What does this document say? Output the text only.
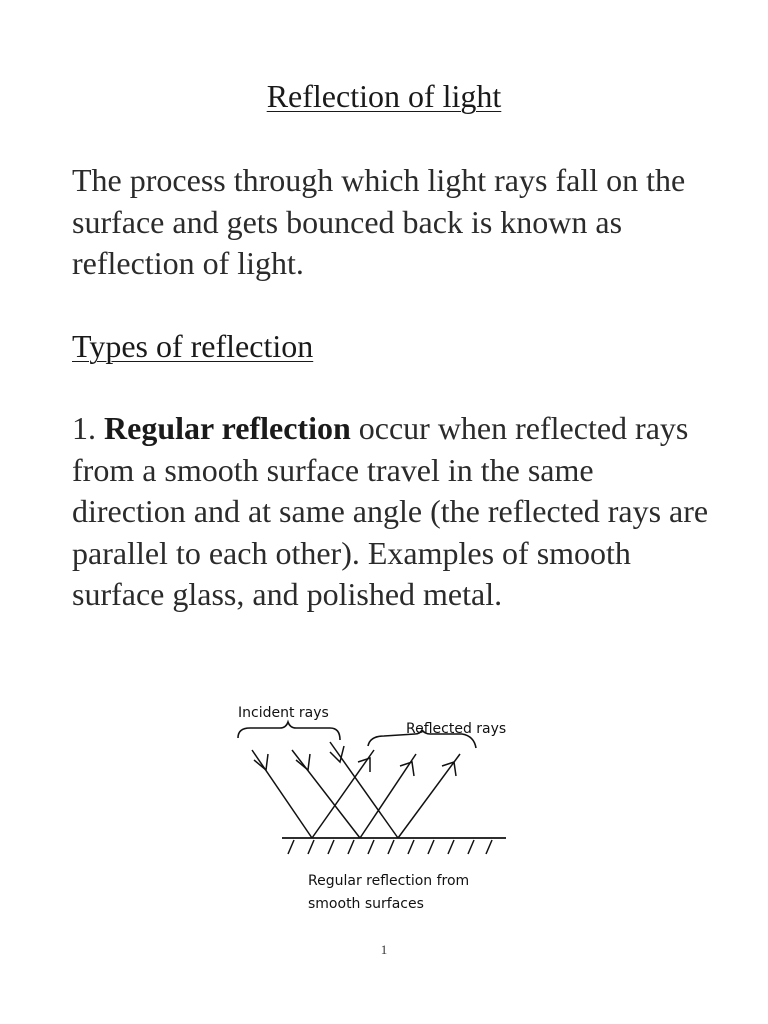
Reflection of light

The process through which light rays fall on the surface and gets bounced back is known as reflection of light.

Types of reflection

1. Regular reflection occur when reflected rays from a smooth surface travel in the same direction and at same angle (the reflected rays are parallel to each other). Examples of smooth surface glass, and polished metal.

Incident rays
Reflected rays
Regular reflection from
smooth surfaces
1
